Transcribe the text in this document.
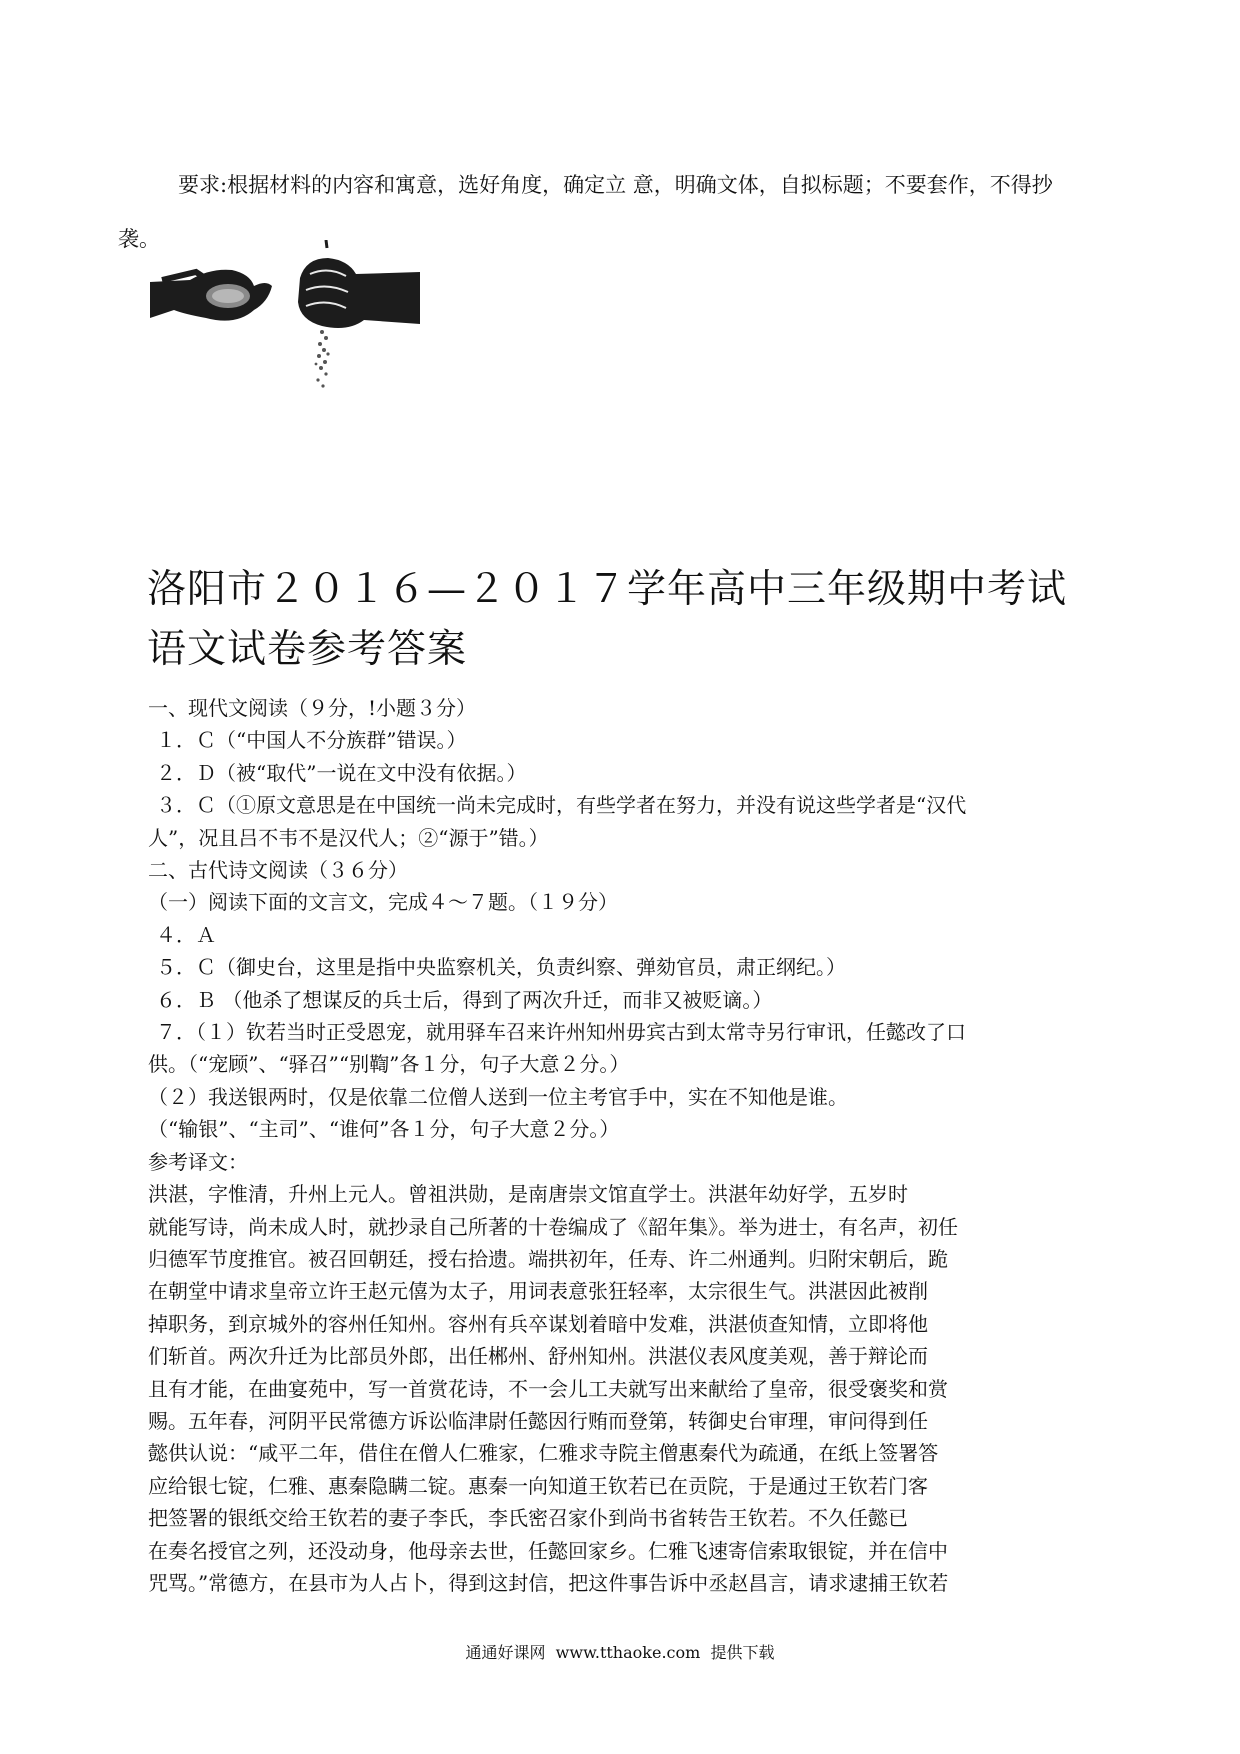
要求:根据材料的内容和寓意，选好角度，确定立 意，明确文体，自拟标题；不要套作，不得抄
袭。

洛阳市２０１６—２０１７学年高中三年级期中考试
语文试卷参考答案

一、现代文阅读（９分，!小题３分）

１．Ｃ（“中国人不分族群”错误。）

２．Ｄ（被“取代”一说在文中没有依据。）

３．Ｃ（①原文意思是在中国统一尚未完成时，有些学者在努力，并没有说这些学者是“汉代

人”，况且吕不韦不是汉代人；②“源于”错。）

二、古代诗文阅读（３６分）

（一）阅读下面的文言文，完成４～７题。（１９分）

４．Ａ

５．Ｃ（御史台，这里是指中央监察机关，负责纠察、弹劾官员，肃正纲纪。）

６．Ｂ （他杀了想谋反的兵士后，得到了两次升迁，而非又被贬谪。）

７．（１）钦若当时正受恩宠，就用驿车召来许州知州毋宾古到太常寺另行审讯，任懿改了口

供。（“宠顾”、“驿召”“别鞫”各１分，句子大意２分。）

（２）我送银两时，仅是依靠二位僧人送到一位主考官手中，实在不知他是谁。

（“输银”、“主司”、“谁何”各１分，句子大意２分。）

参考译文：

洪湛，字惟清，升州上元人。曾祖洪勋，是南唐崇文馆直学士。洪湛年幼好学，五岁时

就能写诗，尚未成人时，就抄录自己所著的十卷编成了《韶年集》。举为进士，有名声，初任

归德军节度推官。被召回朝廷，授右拾遗。端拱初年，任寿、许二州通判。归附宋朝后，跪

在朝堂中请求皇帝立许王赵元僖为太子，用词表意张狂轻率，太宗很生气。洪湛因此被削

掉职务，到京城外的容州任知州。容州有兵卒谋划着暗中发难，洪湛侦查知情，立即将他

们斩首。两次升迁为比部员外郎，出任郴州、舒州知州。洪湛仪表风度美观，善于辩论而

且有才能，在曲宴苑中，写一首赏花诗，不一会儿工夫就写出来献给了皇帝，很受褒奖和赏

赐。五年春，河阴平民常德方诉讼临津尉任懿因行贿而登第，转御史台审理，审问得到任

懿供认说：“咸平二年，借住在僧人仁雅家，仁雅求寺院主僧惠秦代为疏通，在纸上签署答

应给银七锭，仁雅、惠秦隐瞒二锭。惠秦一向知道王钦若已在贡院，于是通过王钦若门客

把签署的银纸交给王钦若的妻子李氏，李氏密召家仆到尚书省转告王钦若。不久任懿已

在奏名授官之列，还没动身，他母亲去世，任懿回家乡。仁雅飞速寄信索取银锭，并在信中

咒骂。”常德方，在县市为人占卜，得到这封信，把这件事告诉中丞赵昌言，请求逮捕王钦若

通通好课网  www.tthaoke.com  提供下载
